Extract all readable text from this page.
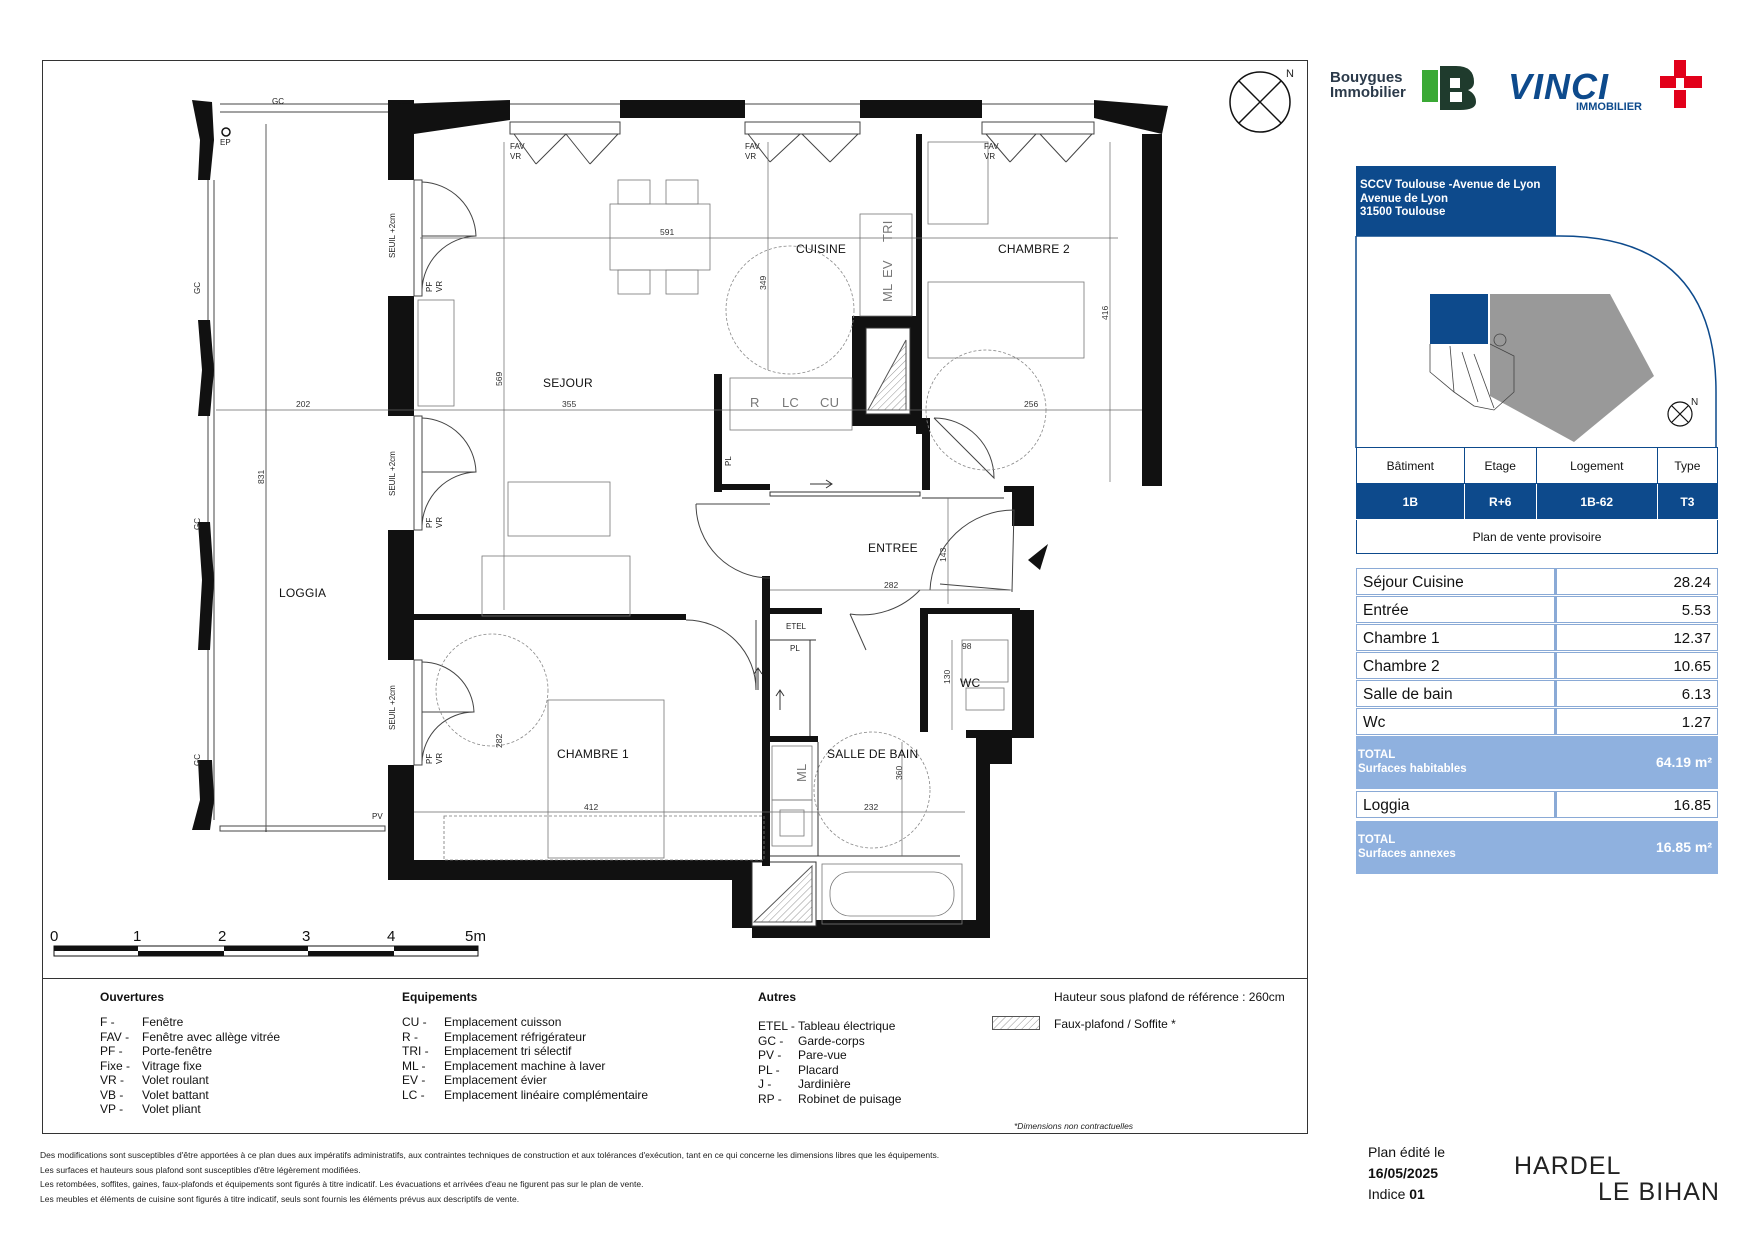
CUISINE	CHAMBRE 2
SEJOUR
LOGGIA
ENTREE
CHAMBRE 1	SALLE DE BAIN
WC
N
GC
EP
PV
GC
GC
GC
FAV
VR
FAV
VR
FAV
VR
SEUIL +2cm
SEUIL +2cm
SEUIL +2cm
PF VR
PF VR
PF VR
TRI
EV
ML
R LC CU
ML
PL
PL
ETEL
591
349
416
569
202	355	256
831
143
282
98
130
282
412	232
360
0	1	2	3	4	5m
Ouvertures
F - Fenêtre
FAV - Fenêtre avec allège vitrée
PF - Porte-fenêtre
Fixe - Vitrage fixe
VR - Volet roulant
VB - Volet battant
VP - Volet pliant
Equipements
CU - Emplacement cuisson
R - Emplacement réfrigérateur
TRI - Emplacement tri sélectif
ML - Emplacement machine à laver
EV - Emplacement évier
LC - Emplacement linéaire complémentaire
Autres
ETEL - Tableau électrique
GC - Garde-corps
PV - Pare-vue
PL - Placard
J - Jardinière
RP - Robinet de puisage
Hauteur sous plafond de référence : 260cm
Faux-plafond / Soffite *
*Dimensions non contractuelles
Bouygues
Immobilier	VINCI
IMMOBILIER
SCCV Toulouse -Avenue de Lyon
Avenue de Lyon
31500 Toulouse
N
Bâtiment	Etage	Logement	Type
1B	R+6	1B-62	T3
Plan de vente provisoire			
Séjour Cuisine	28.24
Entrée	5.53
Chambre 1	12.37
Chambre 2	10.65
Salle de bain	6.13
Wc	1.27
TOTAL
Surfaces habitables	64.19 m²
Loggia	16.85
TOTAL
Surfaces annexes	16.85 m²
Des modifications sont susceptibles d'être apportées à ce plan dues aux impératifs administratifs, aux contraintes techniques de construction et aux tolérances d'exécution, tant en ce qui concerne les dimensions libres que les équipements.
Les surfaces et hauteurs sous plafond sont susceptibles d'être légèrement modifiées.
Les retombées, soffites, gaines, faux-plafonds et équipements sont figurés à titre indicatif. Les évacuations et arrivées d'eau ne figurent pas sur le plan de vente.
Les meubles et éléments de cuisine sont figurés à titre indicatif, seuls sont fournis les éléments prévus aux descriptifs de vente.
Plan édité le
16/05/2025
Indice 01
HARDEL
LE BIHAN
